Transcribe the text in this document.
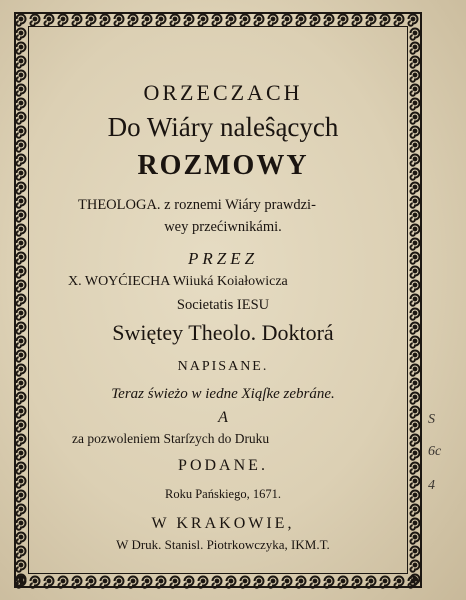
ORZECZACH
Do Wiáry naleŝących
ROZMOWY
THEOLOGA. z roznemi Wiáry prawdzi-
wey przećiwnikámi.
PRZEZ
X. WOYĆIECHA Wiiuká Koiałowicza
Societatis IESU
Swiętey Theolo. Doktorá
NAPISANE.
Teraz świeżo w iedne Xiąſke zebráne.
A
za pozwoleniem Starſzych do Druku
PODANE.
Roku Pańskiego, 1671.
W KRAKOWIE,
W Druk. Stanisl. Piotrkowczyka, IKM.T.
S
6c
4
